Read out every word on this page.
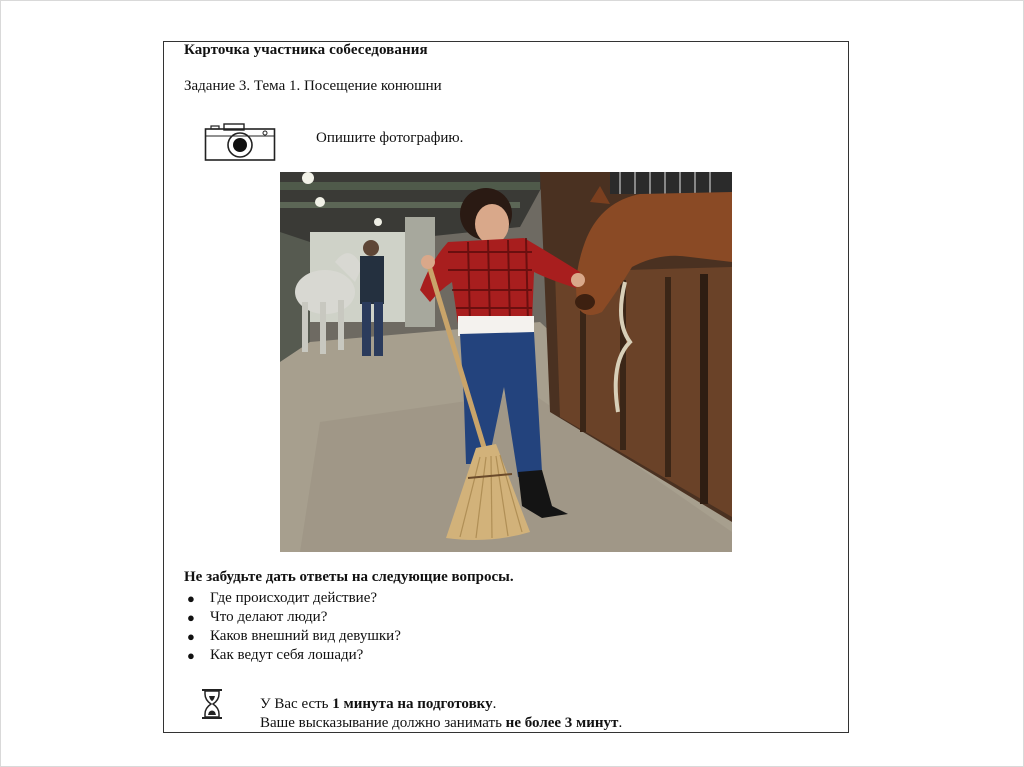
Карточка участника собеседования
Задание 3. Тема 1. Посещение конюшни
Опишите фотографию.
Не забудьте дать ответы на следующие вопросы.
● Где происходит действие?
● Что делают люди?
● Каков внешний вид девушки?
● Как ведут себя лошади?
У Вас есть 1 минута на подготовку.
Ваше высказывание должно занимать не более 3 минут.
